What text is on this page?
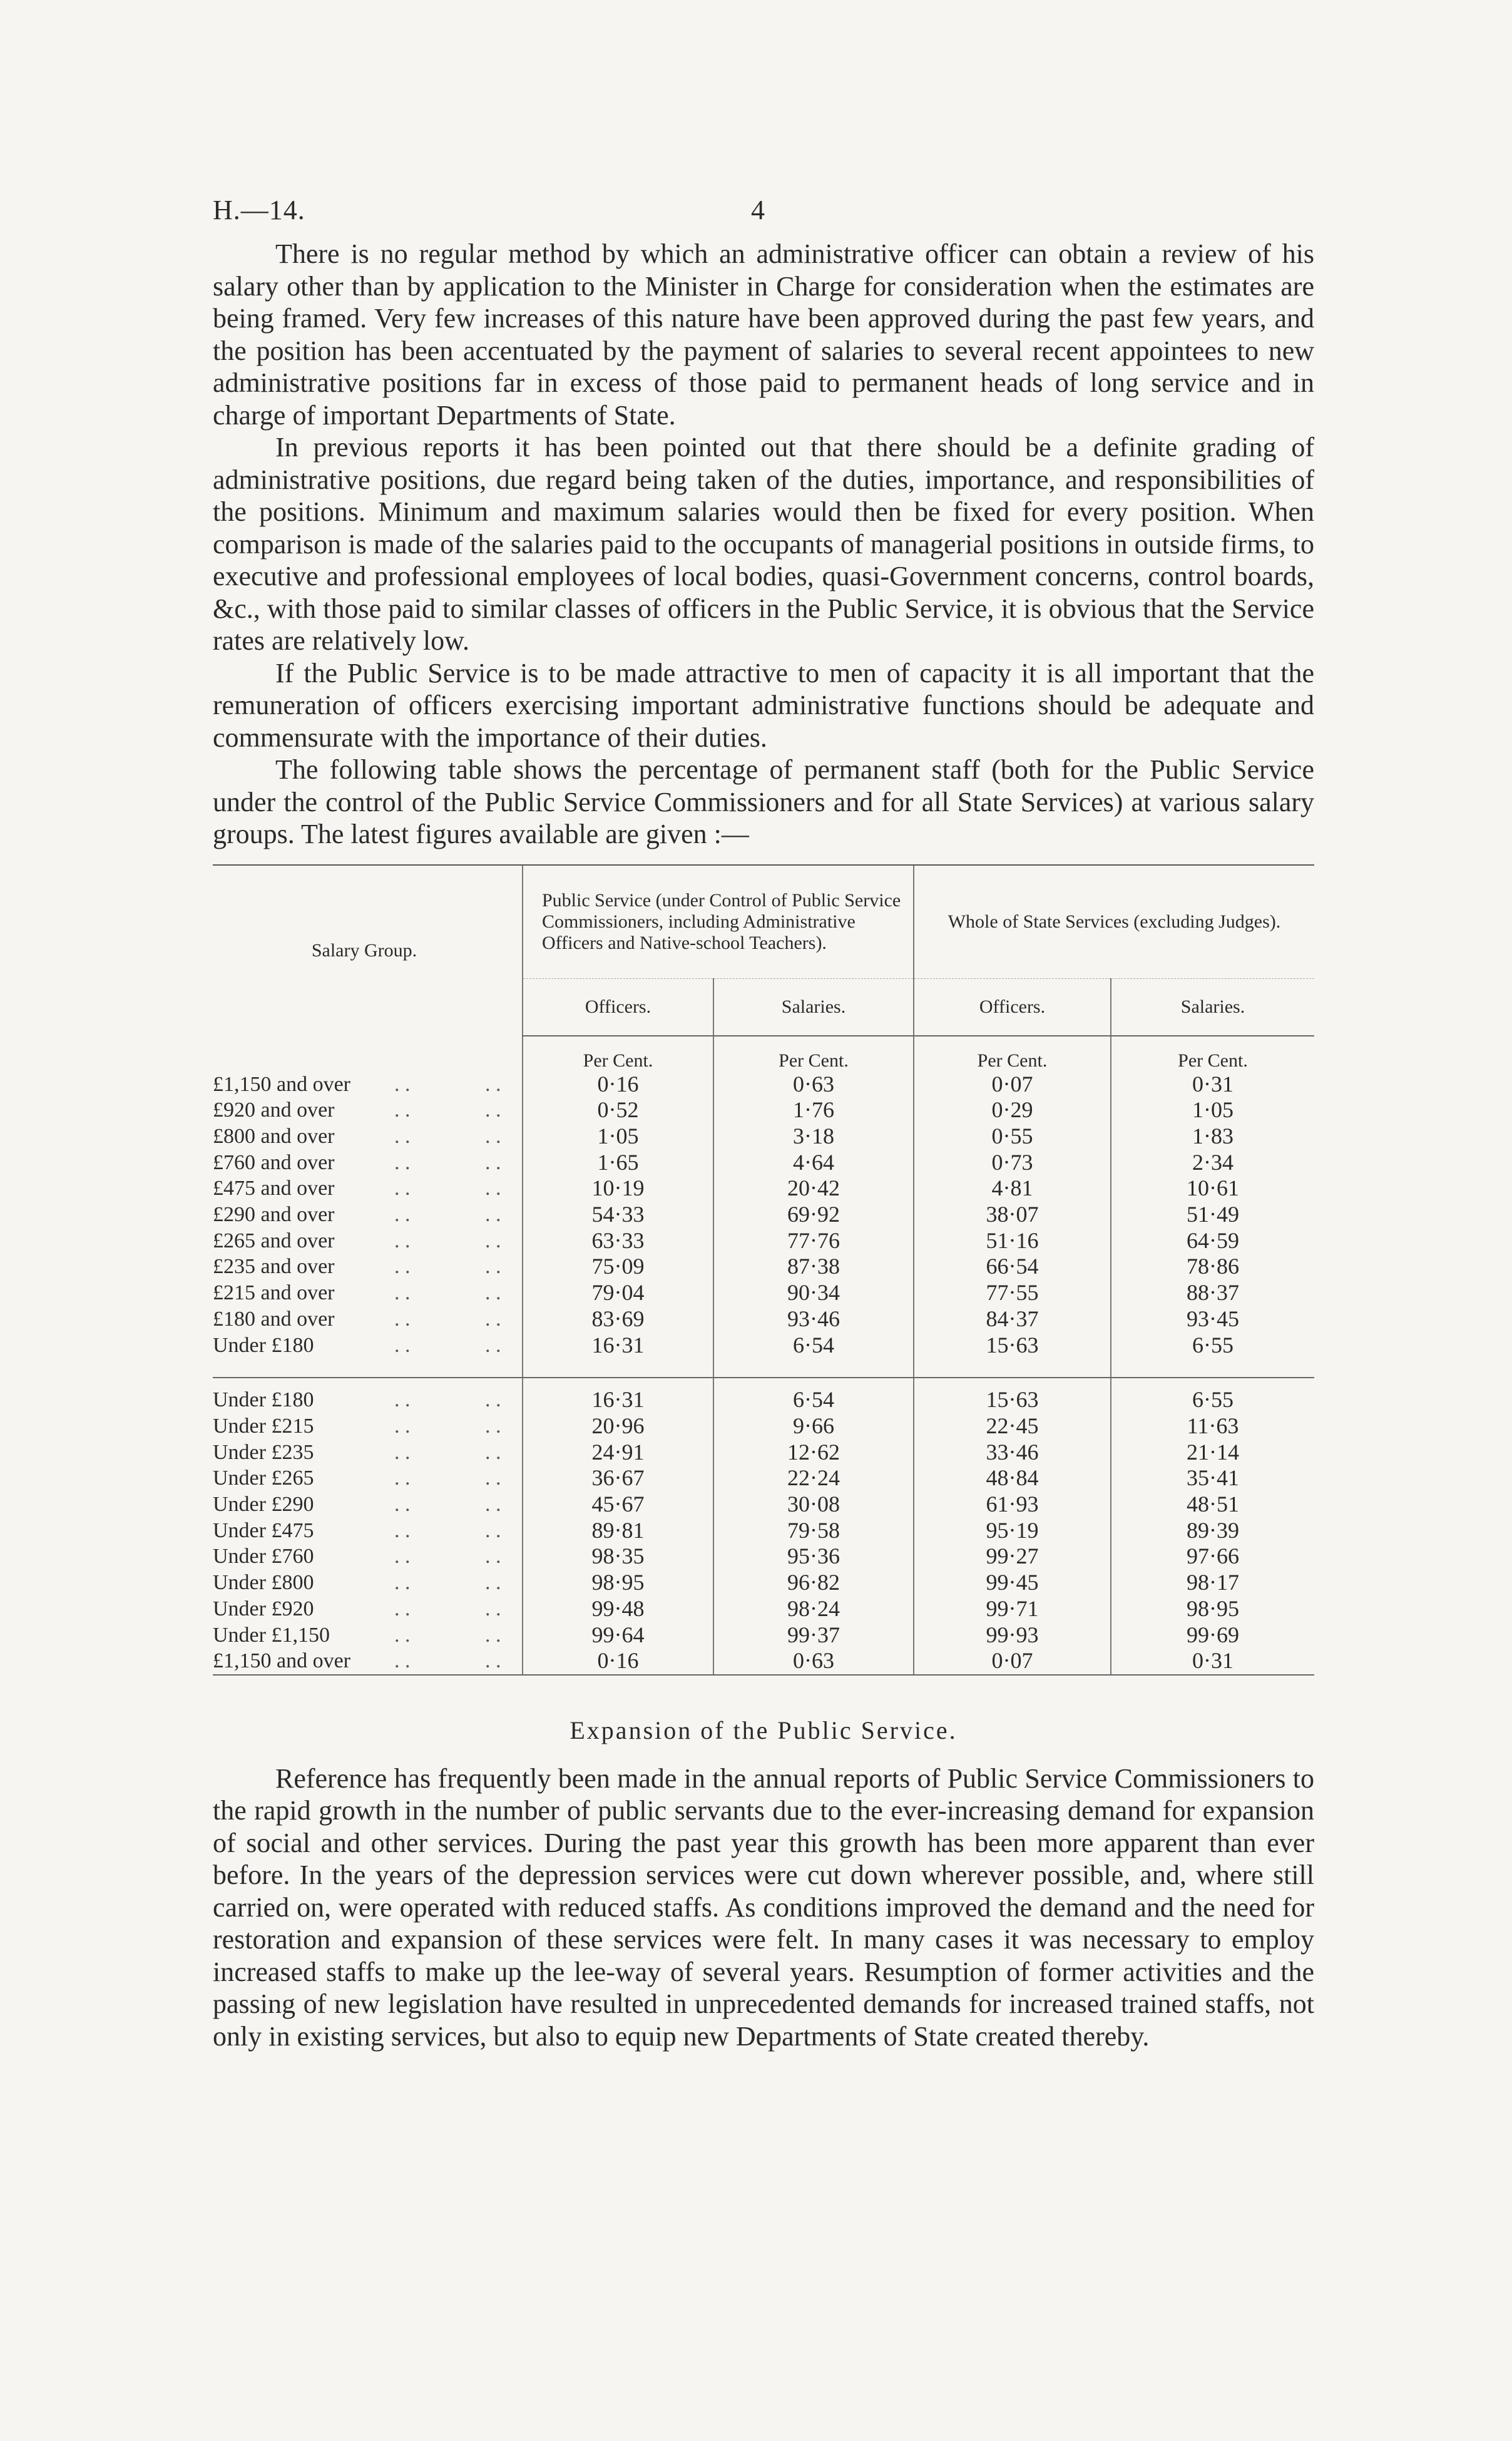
H.—14.	4

There is no regular method by which an administrative officer can obtain a review of his salary other than by application to the Minister in Charge for consideration when the estimates are being framed. Very few increases of this nature have been approved during the past few years, and the position has been accentuated by the payment of salaries to several recent appointees to new administrative positions far in excess of those paid to permanent heads of long service and in charge of important Departments of State.

In previous reports it has been pointed out that there should be a definite grading of administrative positions, due regard being taken of the duties, importance, and responsibilities of the positions. Minimum and maximum salaries would then be fixed for every position. When comparison is made of the salaries paid to the occupants of managerial positions in outside firms, to executive and professional employees of local bodies, quasi-Government concerns, control boards, &c., with those paid to similar classes of officers in the Public Service, it is obvious that the Service rates are relatively low.

If the Public Service is to be made attractive to men of capacity it is all important that the remuneration of officers exercising important administrative functions should be adequate and commensurate with the importance of their duties.

The following table shows the percentage of permanent staff (both for the Public Service under the control of the Public Service Commissioners and for all State Services) at various salary groups. The latest figures available are given :—

Salary Group.	Public Service (under Control of Public Service Commissioners, including Administrative Officers and Native-school Teachers).		Whole of State Services (excluding Judges).	
	Officers.	Salaries.	Officers.	Salaries.
	Per Cent.	Per Cent.	Per Cent.	Per Cent.
£1,150 and over . . . .	0·16	0·63	0·07	0·31
£920 and over . . . .	0·52	1·76	0·29	1·05
£800 and over . . . .	1·05	3·18	0·55	1·83
£760 and over . . . .	1·65	4·64	0·73	2·34
£475 and over . . . .	10·19	20·42	4·81	10·61
£290 and over . . . .	54·33	69·92	38·07	51·49
£265 and over . . . .	63·33	77·76	51·16	64·59
£235 and over . . . .	75·09	87·38	66·54	78·86
£215 and over . . . .	79·04	90·34	77·55	88·37
£180 and over . . . .	83·69	93·46	84·37	93·45
Under £180 . . . .	16·31	6·54	15·63	6·55

Under £180 . . . .	16·31	6·54	15·63	6·55
Under £215 . . . .	20·96	9·66	22·45	11·63
Under £235 . . . .	24·91	12·62	33·46	21·14
Under £265 . . . .	36·67	22·24	48·84	35·41
Under £290 . . . .	45·67	30·08	61·93	48·51
Under £475 . . . .	89·81	79·58	95·19	89·39
Under £760 . . . .	98·35	95·36	99·27	97·66
Under £800 . . . .	98·95	96·82	99·45	98·17
Under £920 . . . .	99·48	98·24	99·71	98·95
Under £1,150 . . . .	99·64	99·37	99·93	99·69
£1,150 and over . . . .	0·16	0·63	0·07	0·31
Expansion of the Public Service.

Reference has frequently been made in the annual reports of Public Service Commissioners to the rapid growth in the number of public servants due to the ever-increasing demand for expansion of social and other services. During the past year this growth has been more apparent than ever before. In the years of the depression services were cut down wherever possible, and, where still carried on, were operated with reduced staffs. As conditions improved the demand and the need for restoration and expansion of these services were felt. In many cases it was necessary to employ increased staffs to make up the lee-way of several years. Resumption of former activities and the passing of new legislation have resulted in unprecedented demands for increased trained staffs, not only in existing services, but also to equip new Departments of State created thereby.
